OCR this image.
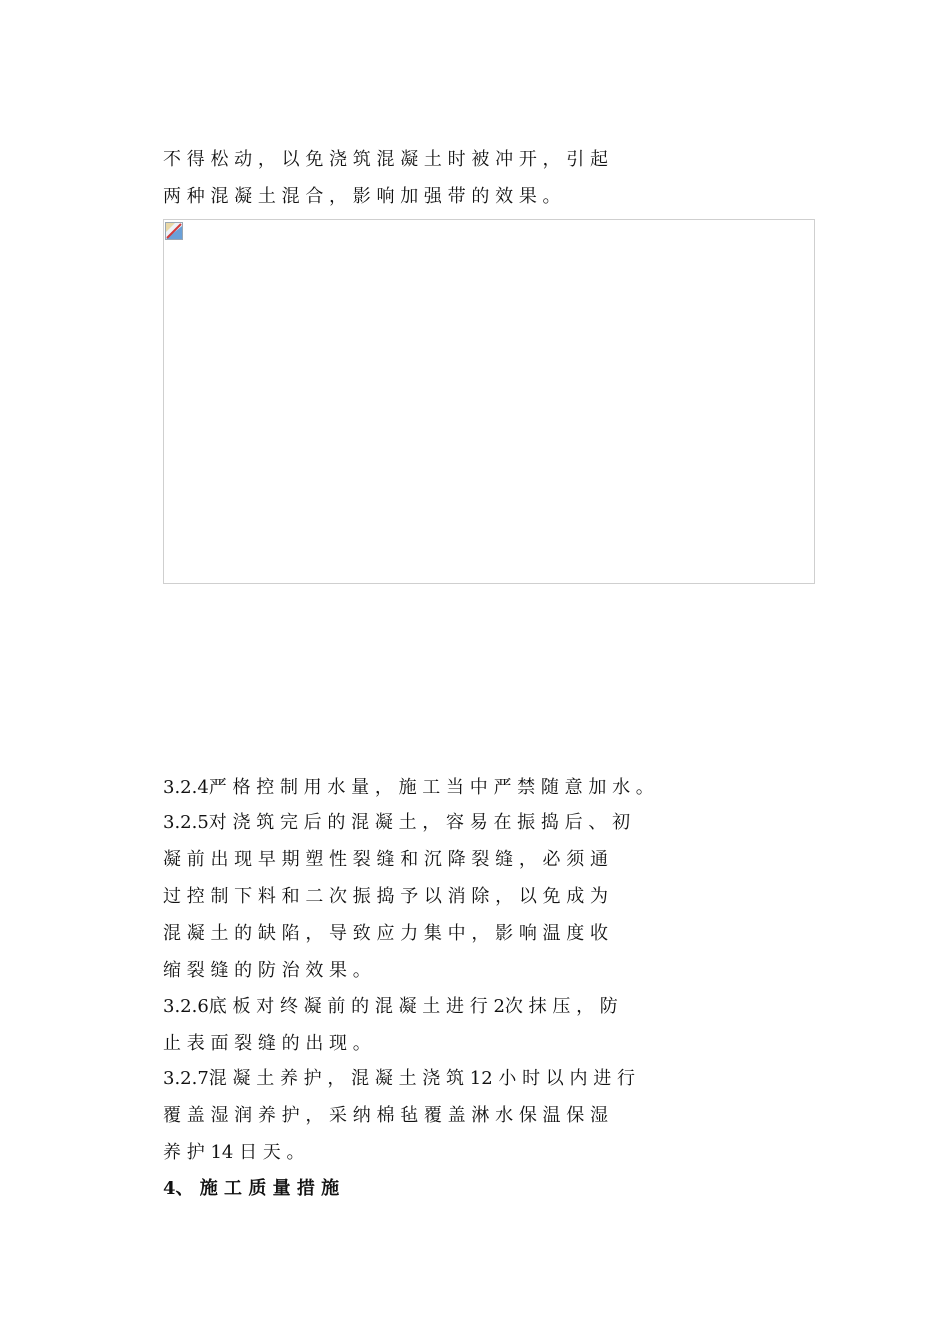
不 得 松 动 ， 以 免 浇 筑 混 凝 土 时 被 冲 开 ， 引 起

两 种 混 凝 土 混 合 ， 影 响 加 强 带 的 效 果 。

3.2.4严 格 控 制 用 水 量 ， 施 工 当 中 严 禁 随 意 加 水 。

3.2.5对 浇 筑 完 后 的 混 凝 土 ， 容 易 在 振 捣 后 、 初

凝 前 出 现 早 期 塑 性 裂 缝 和 沉 降 裂 缝 ， 必 须 通

过 控 制 下 料 和 二 次 振 捣 予 以 消 除 ， 以 免 成 为

混 凝 土 的 缺 陷 ， 导 致 应 力 集 中 ， 影 响 温 度 收

缩 裂 缝 的 防 治 效 果 。

3.2.6底 板 对 终 凝 前 的 混 凝 土 进 行 2次 抹 压 ， 防

止 表 面 裂 缝 的 出 现 。

3.2.7混 凝 土 养 护 ， 混 凝 土 浇 筑 12 小 时 以 内 进 行

覆 盖 湿 润 养 护 ， 采 纳 棉 毡 覆 盖 淋 水 保 温 保 湿

养 护 14 日 天 。

4、 施 工 质 量 措 施
